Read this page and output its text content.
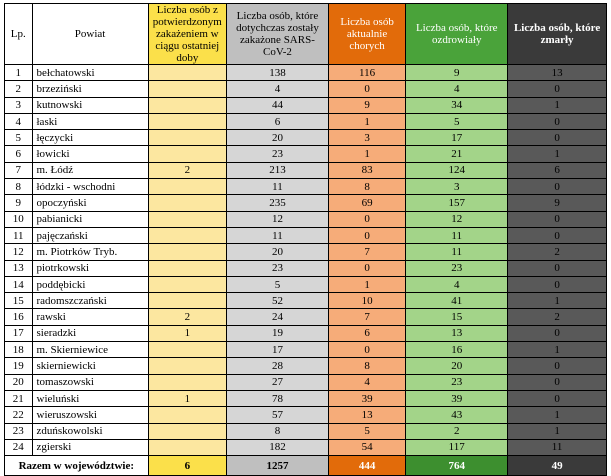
Lp.	Powiat	Liczba osób z potwierdzonym zakażeniem w ciągu ostatniej doby	Liczba osób, które dotychczas zostały zakażone SARS-CoV-2	Liczba osób aktualnie chorych	Liczba osób, które ozdrowiały	Liczba osób, które zmarły
1	bełchatowski		138	116	9	13
2	brzeziński		4	0	4	0
3	kutnowski		44	9	34	1
4	łaski		6	1	5	0
5	łęczycki		20	3	17	0
6	łowicki		23	1	21	1
7	m. Łódź	2	213	83	124	6
8	łódzki - wschodni		11	8	3	0
9	opoczyński		235	69	157	9
10	pabianicki		12	0	12	0
11	pajęczański		11	0	11	0
12	m. Piotrków Tryb.		20	7	11	2
13	piotrkowski		23	0	23	0
14	poddębicki		5	1	4	0
15	radomszczański		52	10	41	1
16	rawski	2	24	7	15	2
17	sieradzki	1	19	6	13	0
18	m. Skierniewice		17	0	16	1
19	skierniewicki		28	8	20	0
20	tomaszowski		27	4	23	0
21	wieluński	1	78	39	39	0
22	wieruszowski		57	13	43	1
23	zduńskowolski		8	5	2	1
24	zgierski		182	54	117	11
Razem w województwie:		6	1257	444	764	49
